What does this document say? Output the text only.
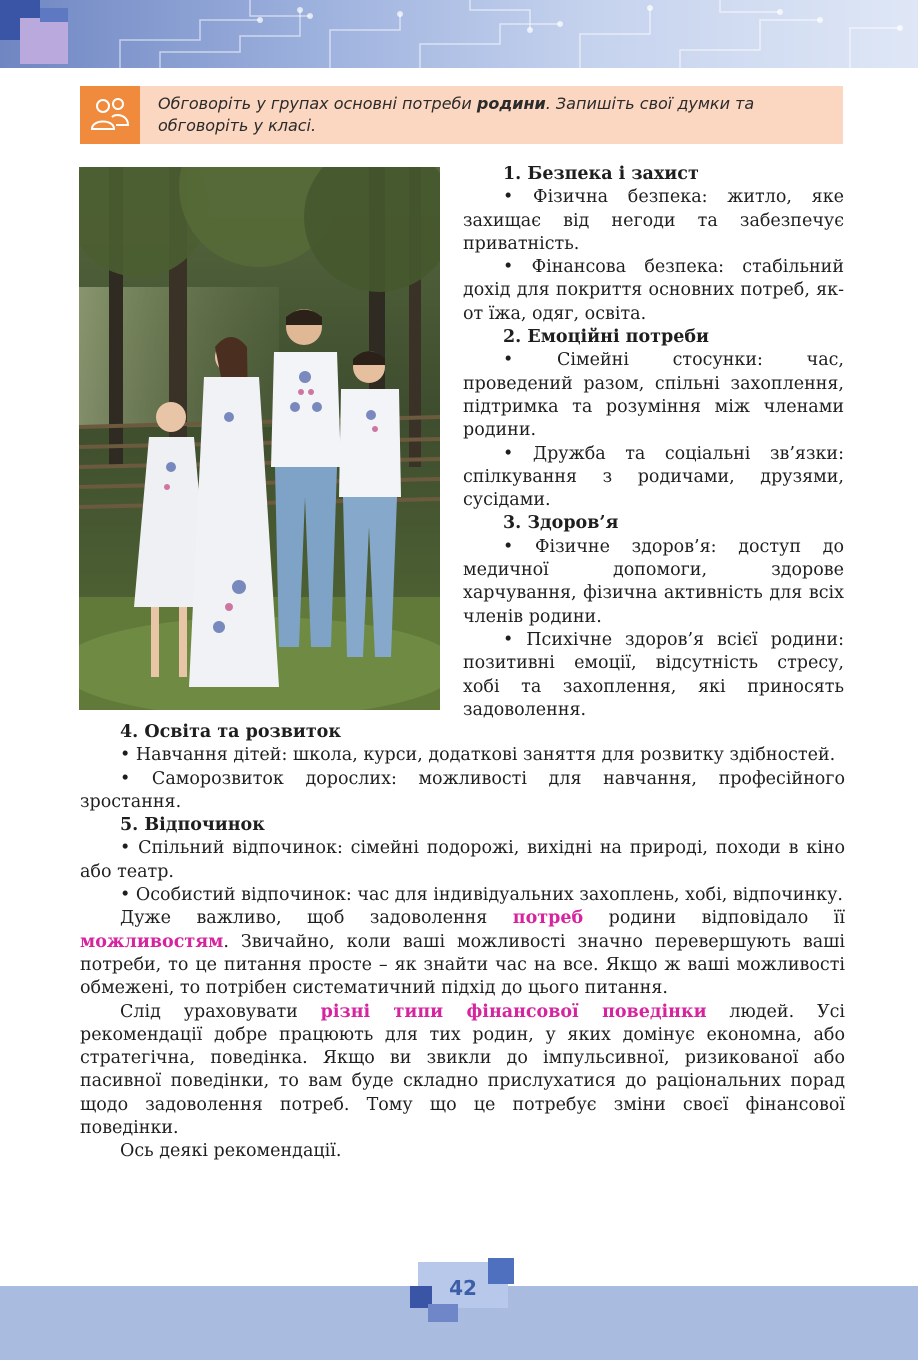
Обговоріть у групах основні потреби родини. Запишіть свої думки та обговоріть у класі.

1. Безпека і захист

• Фізична безпека: житло, яке захищає від негоди та забезпечує приватність.

• Фінансова безпека: стабільний дохід для покриття основних потреб, як-от їжа, одяг, освіта.

2. Емоційні потреби

• Сімейні стосунки: час, проведений разом, спільні захоплення, підтримка та розуміння між членами родини.

• Дружба та соціальні зв’язки: спілкування з родичами, друзями, сусідами.

3. Здоров’я

• Фізичне здоров’я: доступ до медичної допомоги, здорове харчування, фізична активність для всіх членів родини.

• Психічне здоров’я всієї родини: позитивні емоції, відсутність стресу, хобі та захоплення, які приносять задоволення.

4. Освіта та розвиток

• Навчання дітей: школа, курси, додаткові заняття для розвитку здібностей.

• Саморозвиток дорослих: можливості для навчання, професійного зростання.

5. Відпочинок

• Спільний відпочинок: сімейні подорожі, вихідні на природі, походи в кіно або театр.

• Особистий відпочинок: час для індивідуальних захоплень, хобі, відпочинку.

Дуже важливо, щоб задоволення потреб родини відповідало її можливостям. Звичайно, коли ваші можливості значно перевершують ваші потреби, то це питання просте – як знайти час на все. Якщо ж ваші можливості обмежені, то потрібен систематичний підхід до цього питання.

Слід ураховувати різні типи фінансової поведінки людей. Усі рекомендації добре працюють для тих родин, у яких домінує економна, або стратегічна, поведінка. Якщо ви звикли до імпульсивної, ризикованої або пасивної поведінки, то вам буде складно прислухатися до раціональних порад щодо задоволення потреб. Тому що це потребує зміни своєї фінансової поведінки.

Ось деякі рекомендації.

42
